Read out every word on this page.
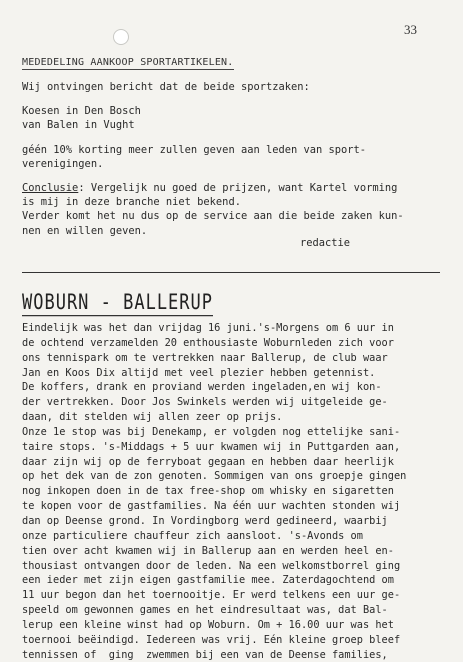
33
MEDEDELING AANKOOP SPORTARTIKELEN.

Wij ontvingen bericht dat de beide sportzaken:

Koesen in Den Bosch

van Balen in Vught

géén 10% korting meer zullen geven aan leden van sport-

verenigingen.

Conclusie: Vergelijk nu goed de prijzen, want Kartel vorming

is mij in deze branche niet bekend.

Verder komt het nu dus op de service aan die beide zaken kun-

nen en willen geven.

redactie
WOBURN - BALLERUP

Eindelijk was het dan vrijdag 16 juni.'s-Morgens om 6 uur in

de ochtend verzamelden 20 enthousiaste Woburnleden zich voor

ons tennispark om te vertrekken naar Ballerup, de club waar

Jan en Koos Dix altijd met veel plezier hebben getennist.

De koffers, drank en proviand werden ingeladen,en wij kon-

der vertrekken. Door Jos Swinkels werden wij uitgeleide ge-

daan, dit stelden wij allen zeer op prijs.

Onze 1e stop was bij Denekamp, er volgden nog ettelijke sani-

taire stops. 's-Middags + 5 uur kwamen wij in Puttgarden aan,

daar zijn wij op de ferryboat gegaan en hebben daar heerlijk

op het dek van de zon genoten. Sommigen van ons groepje gingen

nog inkopen doen in de tax free-shop om whisky en sigaretten

te kopen voor de gastfamilies. Na één uur wachten stonden wij

dan op Deense grond. In Vordingborg werd gedineerd, waarbij

onze particuliere chauffeur zich aansloot. 's-Avonds om

tien over acht kwamen wij in Ballerup aan en werden heel en-

thousiast ontvangen door de leden. Na een welkomstborrel ging

een ieder met zijn eigen gastfamilie mee. Zaterdagochtend om

11 uur begon dan het toernooitje. Er werd telkens een uur ge-

speeld om gewonnen games en het eindresultaat was, dat Bal-

lerup een kleine winst had op Woburn. Om + 16.00 uur was het

toernooi beëindigd. Iedereen was vrij. Eén kleine groep bleef

tennissen of  ging  zwemmen bij een van de Deense families,
